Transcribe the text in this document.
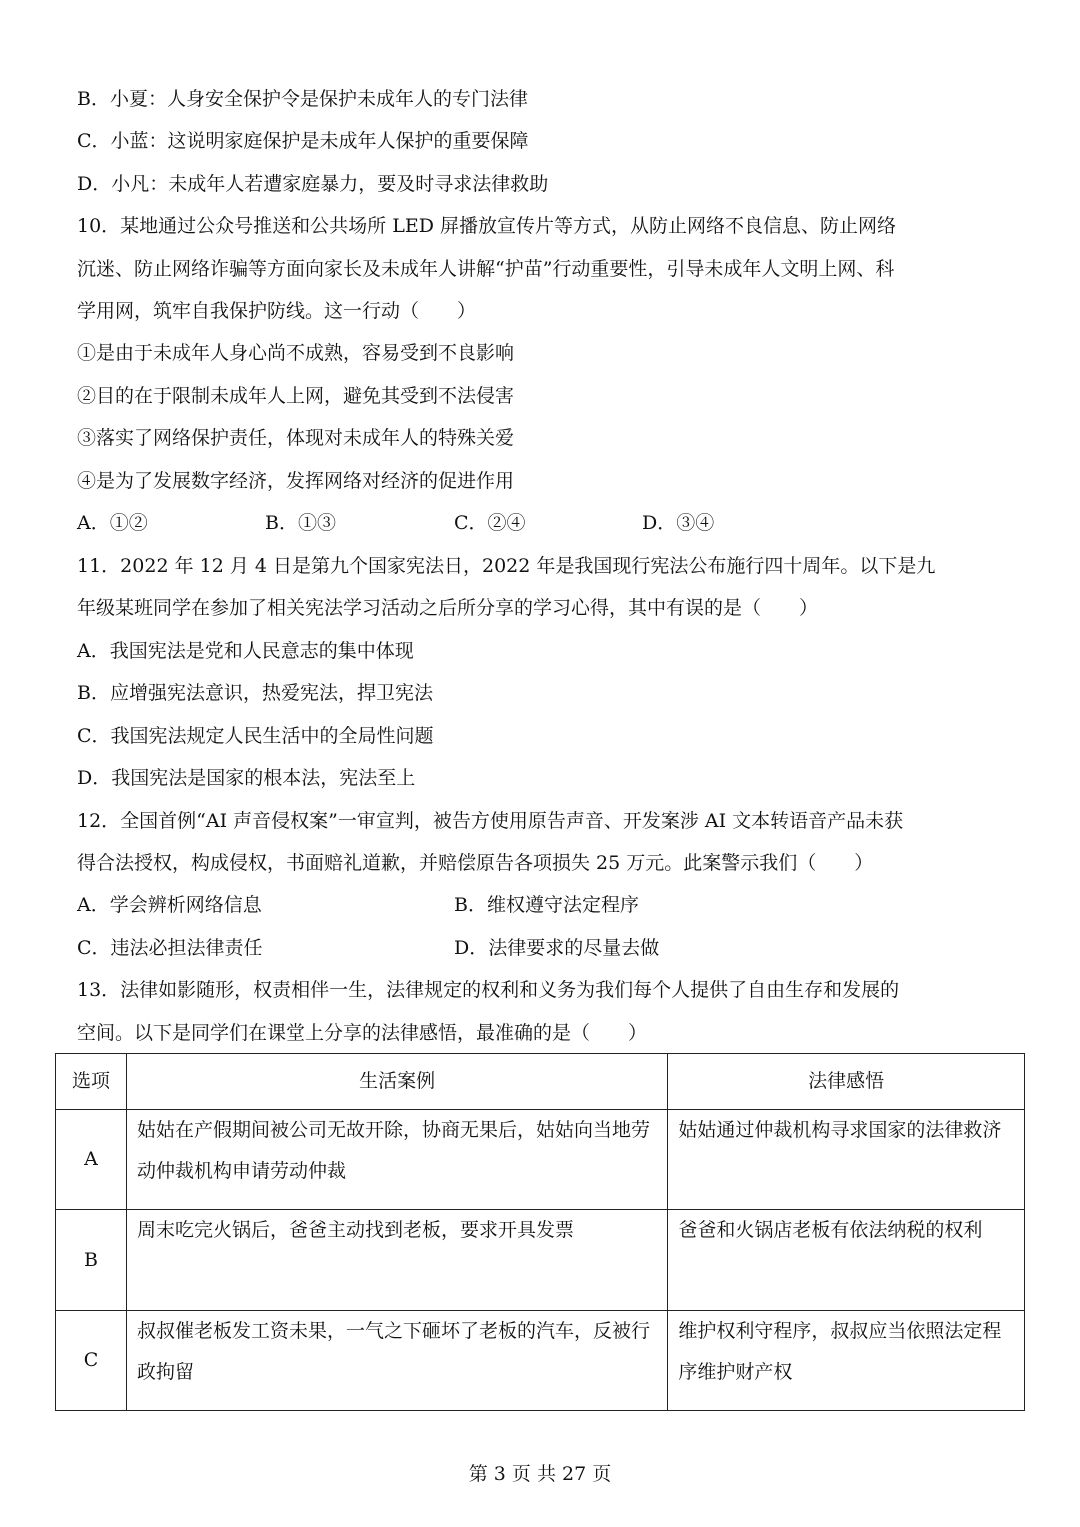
B．小夏：人身安全保护令是保护未成年人的专门法律
C．小蓝：这说明家庭保护是未成年人保护的重要保障
D．小凡：未成年人若遭家庭暴力，要及时寻求法律救助
10．某地通过公众号推送和公共场所 LED 屏播放宣传片等方式，从防止网络不良信息、防止网络
沉迷、防止网络诈骗等方面向家长及未成年人讲解“护苗”行动重要性，引导未成年人文明上网、科
学用网，筑牢自我保护防线。这一行动（　　）
①是由于未成年人身心尚不成熟，容易受到不良影响
②目的在于限制未成年人上网，避免其受到不法侵害
③落实了网络保护责任，体现对未成年人的特殊关爱
④是为了发展数字经济，发挥网络对经济的促进作用
A．①②	B．①③	C．②④	D．③④
11．2022 年 12 月 4 日是第九个国家宪法日，2022 年是我国现行宪法公布施行四十周年。以下是九
年级某班同学在参加了相关宪法学习活动之后所分享的学习心得，其中有误的是（　　）
A．我国宪法是党和人民意志的集中体现
B．应增强宪法意识，热爱宪法，捍卫宪法
C．我国宪法规定人民生活中的全局性问题
D．我国宪法是国家的根本法，宪法至上
12．全国首例“AI 声音侵权案”一审宣判，被告方使用原告声音、开发案涉 AI 文本转语音产品未获
得合法授权，构成侵权，书面赔礼道歉，并赔偿原告各项损失 25 万元。此案警示我们（　　）
A．学会辨析网络信息	B．维权遵守法定程序
C．违法必担法律责任	D．法律要求的尽量去做
13．法律如影随形，权责相伴一生，法律规定的权利和义务为我们每个人提供了自由生存和发展的
空间。以下是同学们在课堂上分享的法律感悟，最准确的是（　　）
选项	生活案例	法律感悟
A	姑姑在产假期间被公司无故开除，协商无果后，姑姑向当地劳动仲裁机构申请劳动仲裁	姑姑通过仲裁机构寻求国家的法律救济
B	周末吃完火锅后，爸爸主动找到老板，要求开具发票	爸爸和火锅店老板有依法纳税的权利
C	叔叔催老板发工资未果，一气之下砸坏了老板的汽车，反被行政拘留	维护权利守程序，叔叔应当依照法定程序维护财产权
第 3 页 共 27 页
